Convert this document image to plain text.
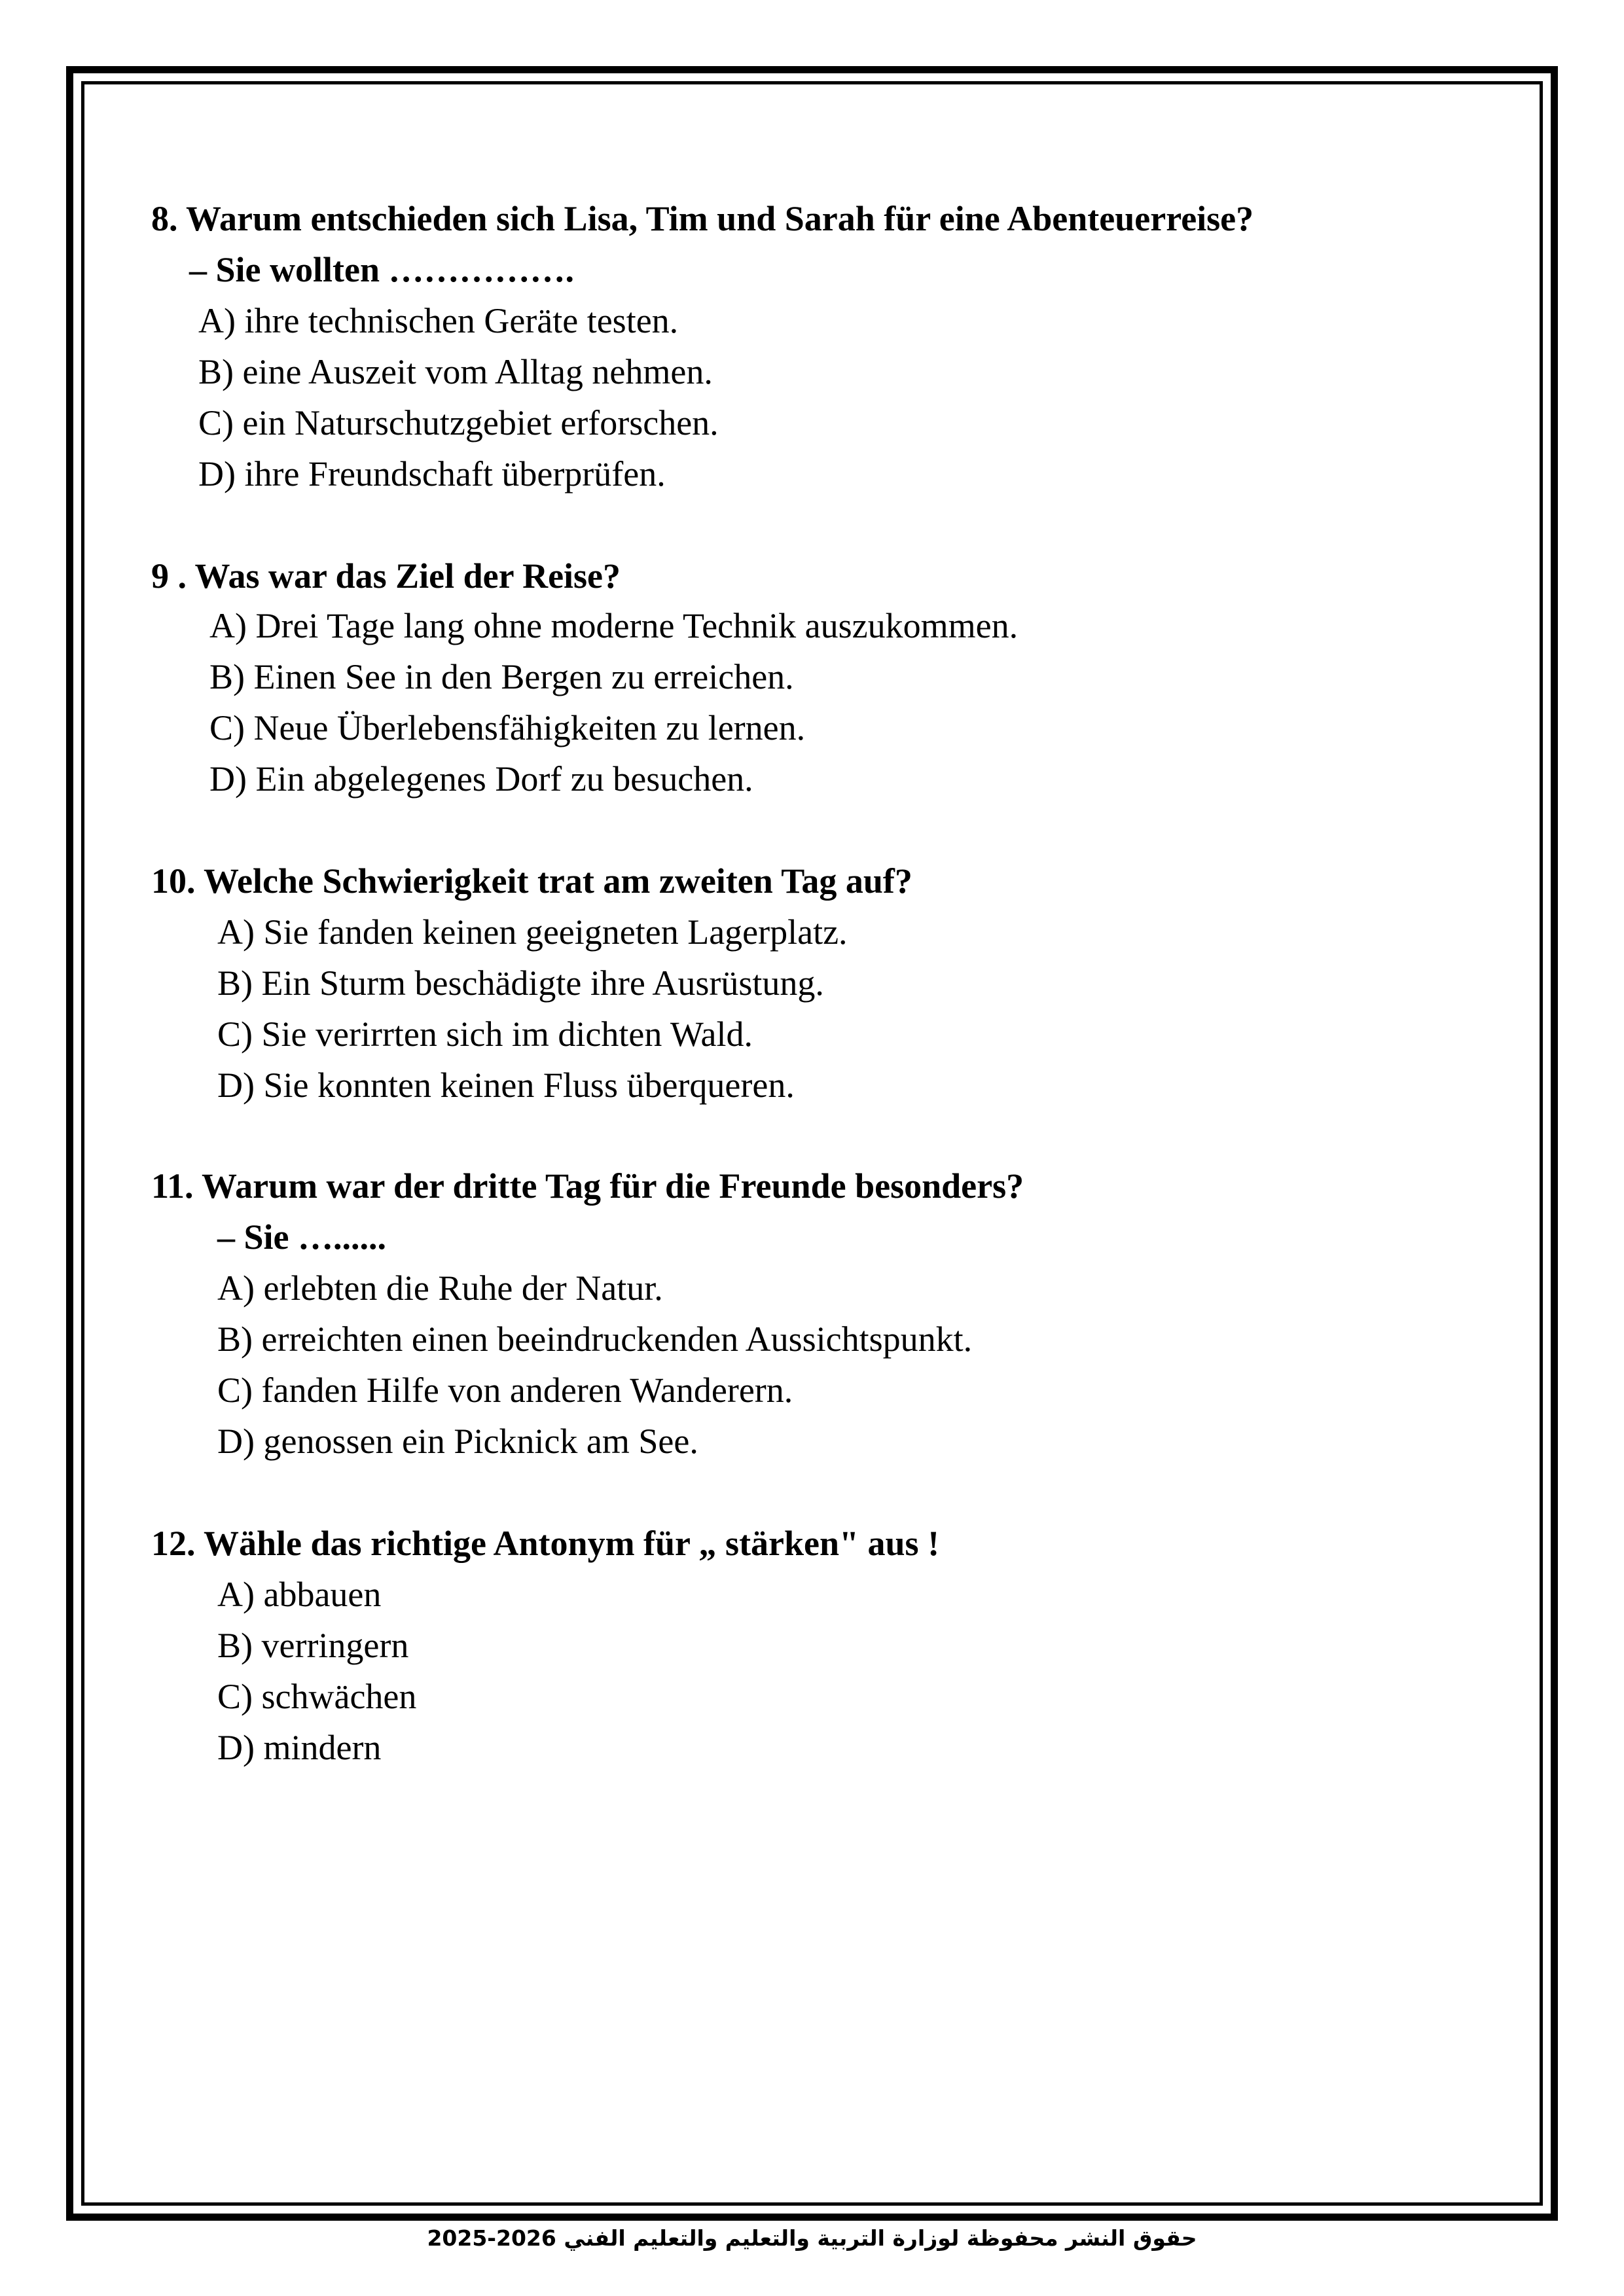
8. Warum entschieden sich Lisa, Tim und Sarah für eine Abenteuerreise?
– Sie wollten …………….
A) ihre technischen Geräte testen.
B) eine Auszeit vom Alltag nehmen.
C) ein Naturschutzgebiet erforschen.
D) ihre Freundschaft überprüfen.
9 . Was war das Ziel der Reise?
A) Drei Tage lang ohne moderne Technik auszukommen.
B) Einen See in den Bergen zu erreichen.
C) Neue Überlebensfähigkeiten zu lernen.
D) Ein abgelegenes Dorf zu besuchen.
10. Welche Schwierigkeit trat am zweiten Tag auf?
A) Sie fanden keinen geeigneten Lagerplatz.
B) Ein Sturm beschädigte ihre Ausrüstung.
C) Sie verirrten sich im dichten Wald.
D) Sie konnten keinen Fluss überqueren.
11. Warum war der dritte Tag für die Freunde besonders?
– Sie …......
A) erlebten die Ruhe der Natur.
B) erreichten einen beeindruckenden Aussichtspunkt.
C) fanden Hilfe von anderen Wanderern.
D) genossen ein Picknick am See.
12. Wähle das richtige Antonym für „ stärken" aus !
A) abbauen
B) verringern
C) schwächen
D) mindern
حقوق النشر محفوظة لوزارة التربية والتعليم والتعليم الفني 2026-2025
